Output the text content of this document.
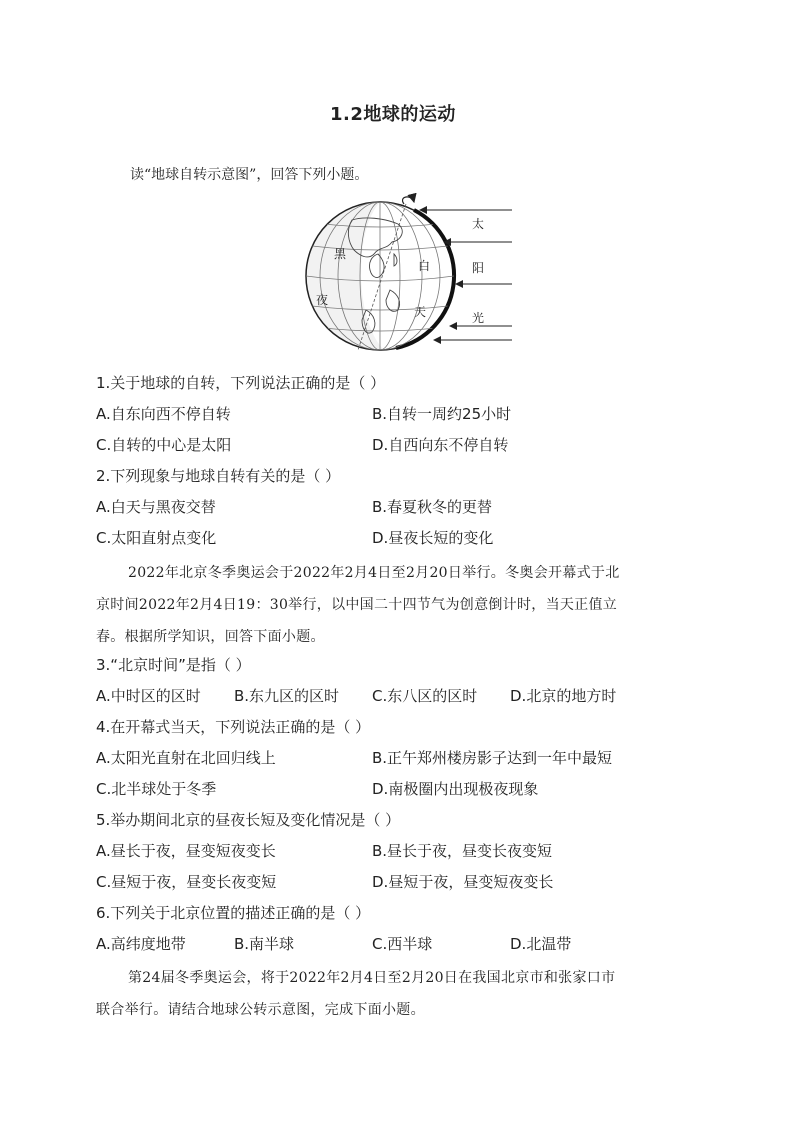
1.2地球的运动
读“地球自转示意图”，回答下列小题。
黑
夜
白
天
太
阳
光
1.关于地球的自转，下列说法正确的是（ ）
A.自东向西不停自转	B.自转一周约25小时
C.自转的中心是太阳	D.自西向东不停自转
2.下列现象与地球自转有关的是（ ）
A.白天与黑夜交替	B.春夏秋冬的更替
C.太阳直射点变化	D.昼夜长短的变化
2022年北京冬季奥运会于2022年2月4日至2月20日举行。冬奥会开幕式于北
京时间2022年2月4日19：30举行，以中国二十四节气为创意倒计时，当天正值立
春。根据所学知识，回答下面小题。
3.“北京时间”是指（ ）
A.中时区的区时 B.东九区的区时 C.东八区的区时 D.北京的地方时
4.在开幕式当天，下列说法正确的是（ ）
A.太阳光直射在北回归线上	B.正午郑州楼房影子达到一年中最短
C.北半球处于冬季	D.南极圈内出现极夜现象
5.举办期间北京的昼夜长短及变化情况是（ ）
A.昼长于夜，昼变短夜变长	B.昼长于夜，昼变长夜变短
C.昼短于夜，昼变长夜变短	D.昼短于夜，昼变短夜变长
6.下列关于北京位置的描述正确的是（ ）
A.高纬度地带	B.南半球	C.西半球	D.北温带
第24届冬季奥运会，将于2022年2月4日至2月20日在我国北京市和张家口市
联合举行。请结合地球公转示意图，完成下面小题。
